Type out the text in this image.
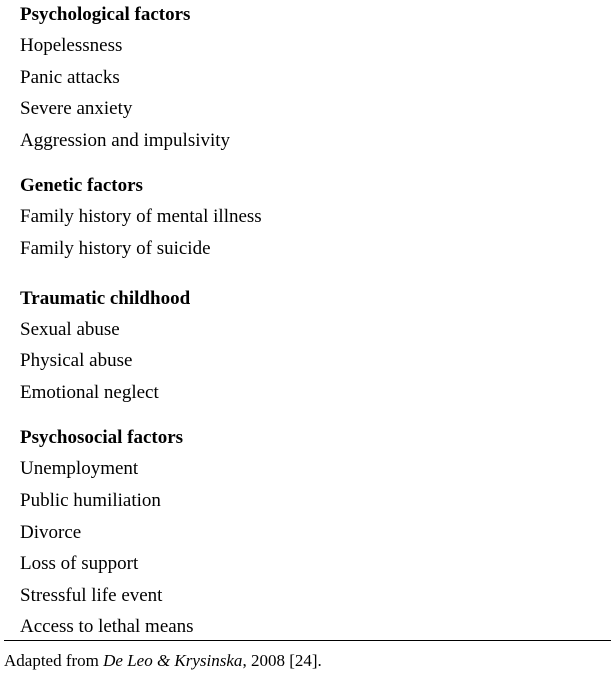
Psychological factors
Hopelessness
Panic attacks
Severe anxiety
Aggression and impulsivity
Genetic factors
Family history of mental illness
Family history of suicide
Traumatic childhood
Sexual abuse
Physical abuse
Emotional neglect
Psychosocial factors
Unemployment
Public humiliation
Divorce
Loss of support
Stressful life event
Access to lethal means
Adapted from De Leo & Krysinska, 2008 [24].
